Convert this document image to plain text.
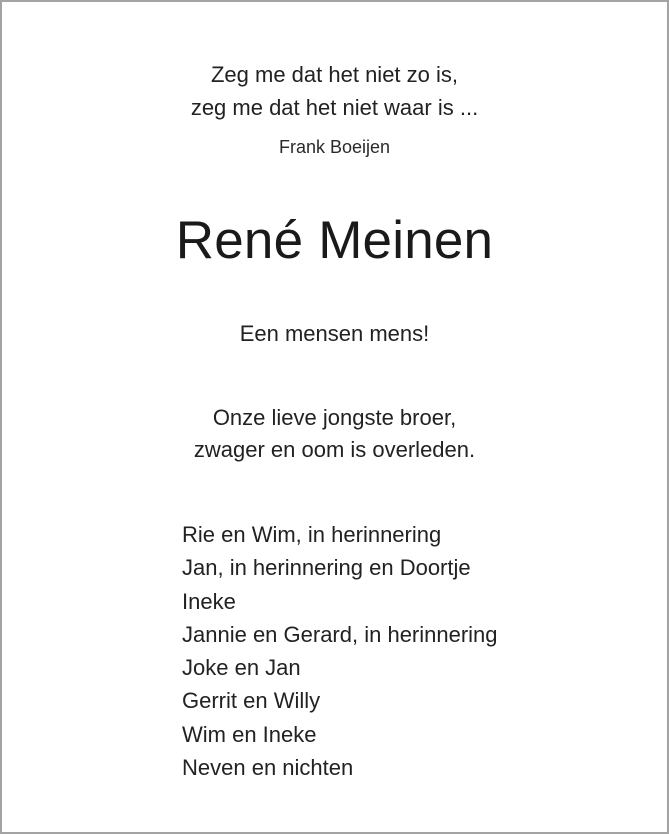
Zeg me dat het niet zo is,
zeg me dat het niet waar is ...
Frank Boeijen
René Meinen
Een mensen mens!
Onze lieve jongste broer,
zwager en oom is overleden.
Rie en Wim, in herinnering
Jan, in herinnering en Doortje
Ineke
Jannie en Gerard, in herinnering
Joke en Jan
Gerrit en Willy
Wim en Ineke
Neven en nichten
